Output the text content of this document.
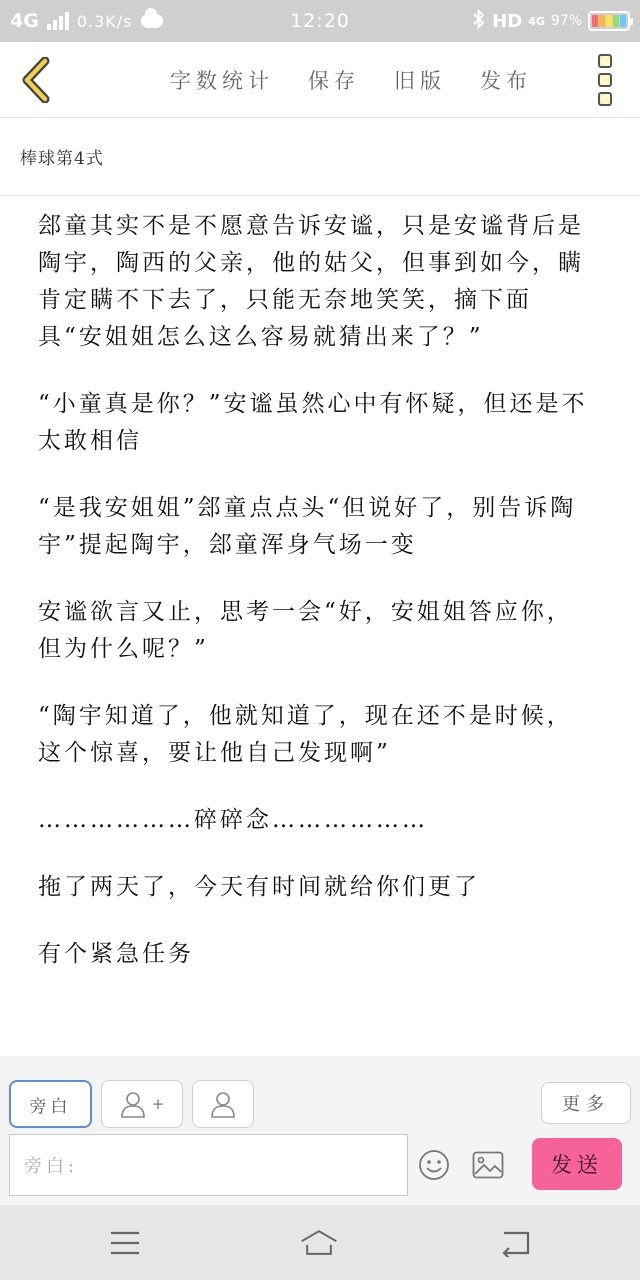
4G 0.3K/s	12:20	HD 4G 97%
字数统计 保存 旧版 发布
棒球第4式

郐童其实不是不愿意告诉安谧，只是安谧背后是陶宇，陶西的父亲，他的姑父，但事到如今，瞒肯定瞒不下去了，只能无奈地笑笑，摘下面具“安姐姐怎么这么容易就猜出来了？”

“小童真是你？”安谧虽然心中有怀疑，但还是不太敢相信

“是我安姐姐”郐童点点头“但说好了，别告诉陶宇”提起陶宇，郐童浑身气场一变

安谧欲言又止，思考一会“好，安姐姐答应你，但为什么呢？”

“陶宇知道了，他就知道了，现在还不是时候，这个惊喜，要让他自己发现啊”

………………碎碎念………………

拖了两天了，今天有时间就给你们更了

有个紧急任务

旁白	+	更多
旁白:	发送
